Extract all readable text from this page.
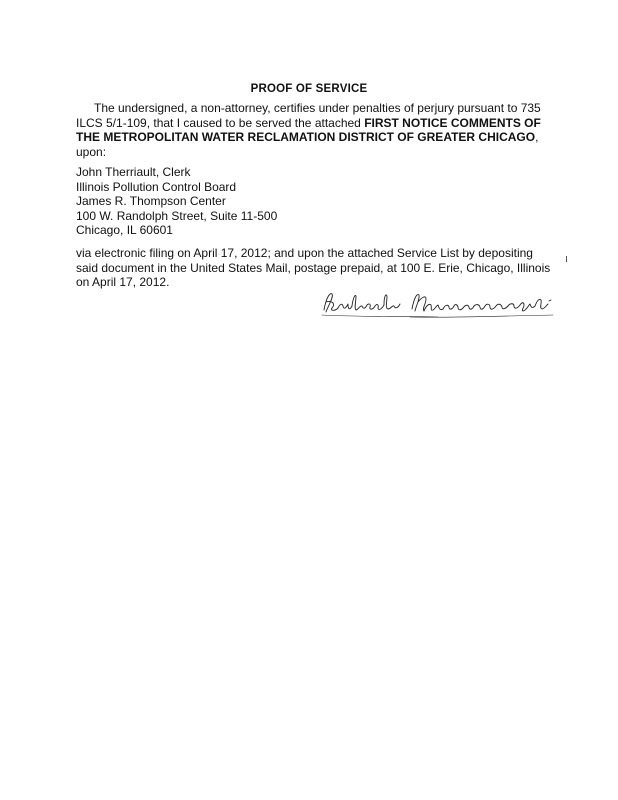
PROOF OF SERVICE
The undersigned, a non-attorney, certifies under penalties of perjury pursuant to 735 ILCS 5/1-109, that I caused to be served the attached FIRST NOTICE COMMENTS OF THE METROPOLITAN WATER RECLAMATION DISTRICT OF GREATER CHICAGO, upon:
John Therriault, Clerk
Illinois Pollution Control Board
James R. Thompson Center
100 W. Randolph Street, Suite 11-500
Chicago, IL 60601
via electronic filing on April 17, 2012; and upon the attached Service List by depositing said document in the United States Mail, postage prepaid, at 100 E. Erie, Chicago, Illinois on April 17, 2012.
